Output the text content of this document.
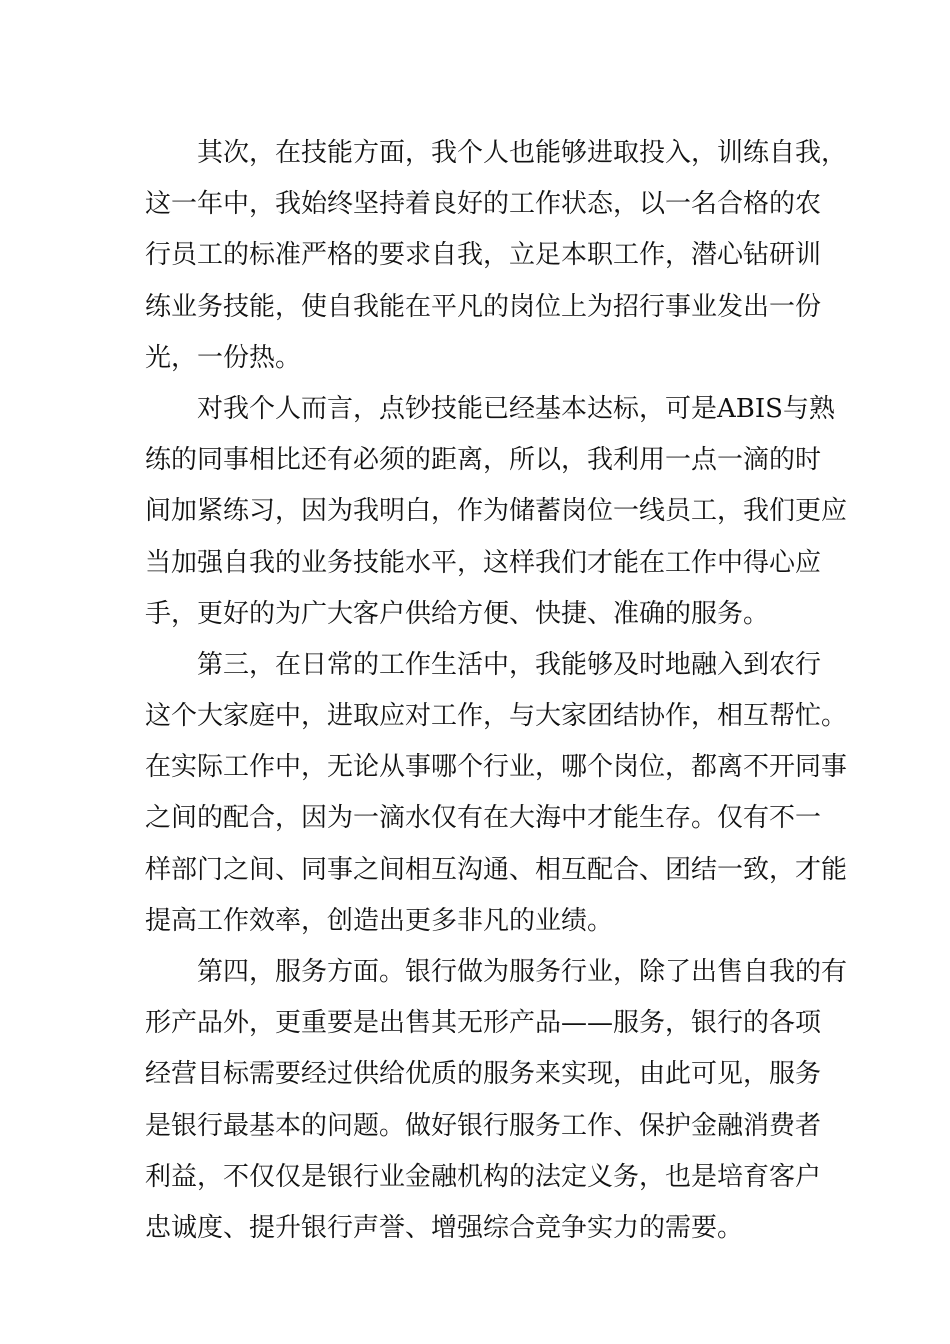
其次，在技能方面，我个人也能够进取投入，训练自我，
这一年中，我始终坚持着良好的工作状态，以一名合格的农
行员工的标准严格的要求自我，立足本职工作，潜心钻研训
练业务技能，使自我能在平凡的岗位上为招行事业发出一份
光，一份热。

对我个人而言，点钞技能已经基本达标，可是ABIS与熟
练的同事相比还有必须的距离，所以，我利用一点一滴的时
间加紧练习，因为我明白，作为储蓄岗位一线员工，我们更应
当加强自我的业务技能水平，这样我们才能在工作中得心应
手，更好的为广大客户供给方便、快捷、准确的服务。

第三，在日常的工作生活中，我能够及时地融入到农行
这个大家庭中，进取应对工作，与大家团结协作，相互帮忙。
在实际工作中，无论从事哪个行业，哪个岗位，都离不开同事
之间的配合，因为一滴水仅有在大海中才能生存。仅有不一
样部门之间、同事之间相互沟通、相互配合、团结一致，才能
提高工作效率，创造出更多非凡的业绩。

第四，服务方面。银行做为服务行业，除了出售自我的有
形产品外，更重要是出售其无形产品——服务，银行的各项
经营目标需要经过供给优质的服务来实现，由此可见，服务
是银行最基本的问题。做好银行服务工作、保护金融消费者
利益，不仅仅是银行业金融机构的法定义务，也是培育客户
忠诚度、提升银行声誉、增强综合竞争实力的需要。
